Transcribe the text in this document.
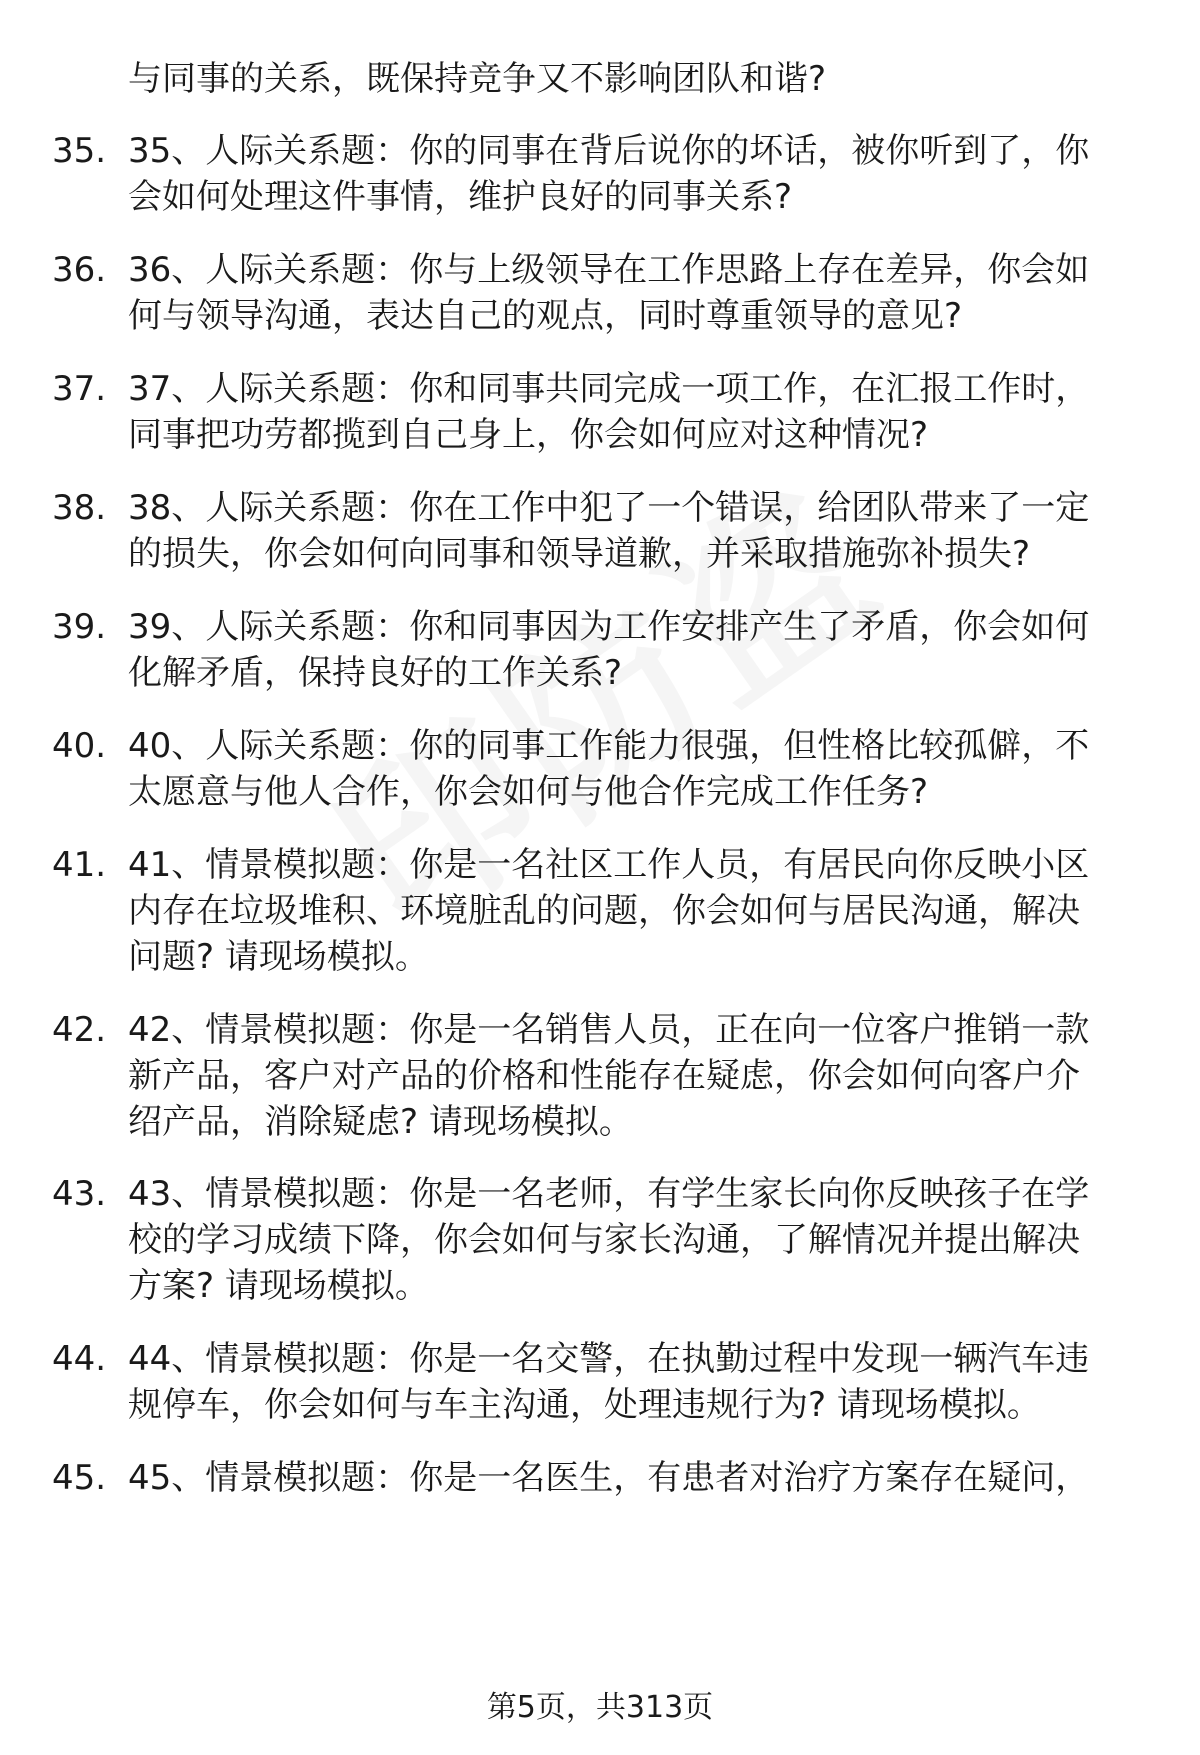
与同事的关系，既保持竞争又不影响团队和谐?
35. 35、人际关系题：你的同事在背后说你的坏话，被你听到了，你
会如何处理这件事情，维护良好的同事关系?
36. 36、人际关系题：你与上级领导在工作思路上存在差异，你会如
何与领导沟通，表达自己的观点，同时尊重领导的意见?
37. 37、人际关系题：你和同事共同完成一项工作，在汇报工作时，
同事把功劳都揽到自己身上，你会如何应对这种情况?
38. 38、人际关系题：你在工作中犯了一个错误，给团队带来了一定
的损失，你会如何向同事和领导道歉，并采取措施弥补损失?
39. 39、人际关系题：你和同事因为工作安排产生了矛盾，你会如何
化解矛盾，保持良好的工作关系?
40. 40、人际关系题：你的同事工作能力很强，但性格比较孤僻，不
太愿意与他人合作，你会如何与他合作完成工作任务?
41. 41、情景模拟题：你是一名社区工作人员，有居民向你反映小区
内存在垃圾堆积、环境脏乱的问题，你会如何与居民沟通，解决
问题? 请现场模拟。
42. 42、情景模拟题：你是一名销售人员，正在向一位客户推销一款
新产品，客户对产品的价格和性能存在疑虑，你会如何向客户介
绍产品，消除疑虑? 请现场模拟。
43. 43、情景模拟题：你是一名老师，有学生家长向你反映孩子在学
校的学习成绩下降，你会如何与家长沟通，了解情况并提出解决
方案? 请现场模拟。
44. 44、情景模拟题：你是一名交警，在执勤过程中发现一辆汽车违
规停车，你会如何与车主沟通，处理违规行为? 请现场模拟。
45. 45、情景模拟题：你是一名医生，有患者对治疗方案存在疑问，
第5页，共313页
